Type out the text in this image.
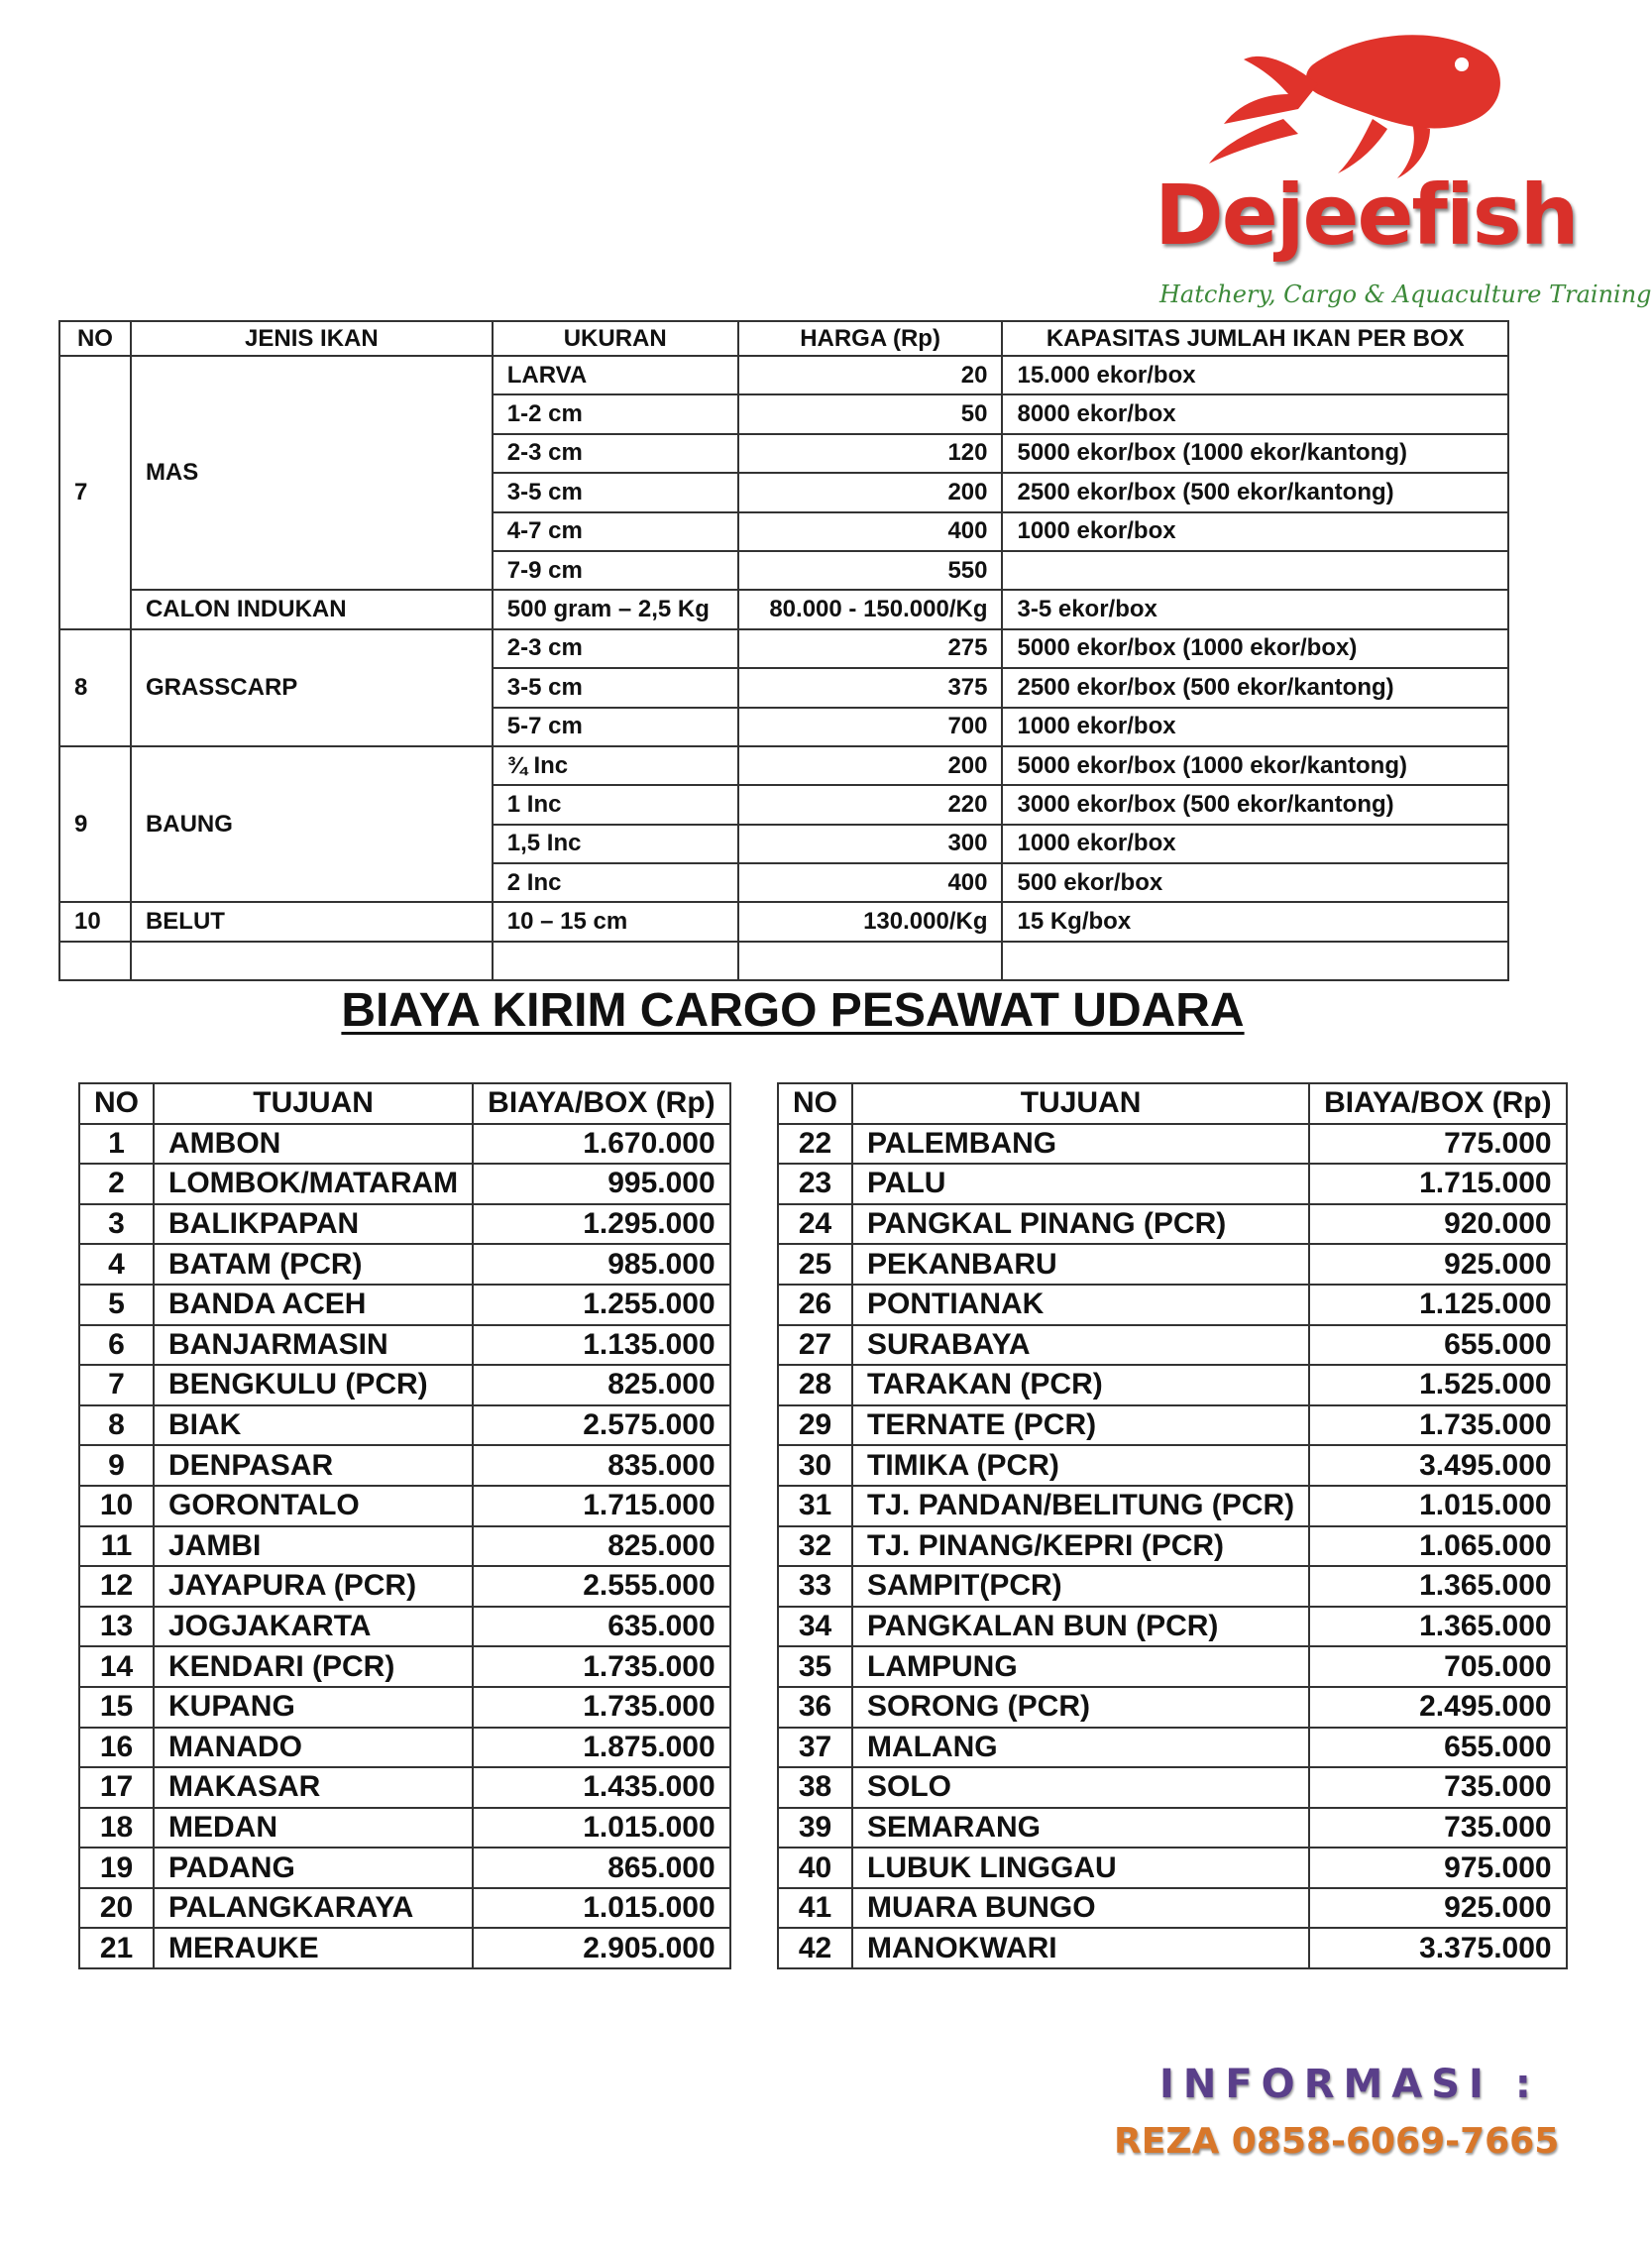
Dejeefish
Hatchery, Cargo & Aquaculture Training
NO	JENIS IKAN	UKURAN	HARGA (Rp)	KAPASITAS JUMLAH IKAN PER BOX
7	MAS	LARVA	20	15.000 ekor/box
		1-2 cm	50	8000 ekor/box
		2-3 cm	120	5000 ekor/box (1000 ekor/kantong)
		3-5 cm	200	2500 ekor/box (500 ekor/kantong)
		4-7 cm	400	1000 ekor/box
		7-9 cm	550	
	CALON INDUKAN	500 gram – 2,5 Kg	80.000 - 150.000/Kg	3-5 ekor/box
8	GRASSCARP	2-3 cm	275	5000 ekor/box (1000 ekor/box)
		3-5 cm	375	2500 ekor/box (500 ekor/kantong)
		5-7 cm	700	1000 ekor/box
9	BAUNG	¾ Inc	200	5000 ekor/box (1000 ekor/kantong)
		1 Inc	220	3000 ekor/box (500 ekor/kantong)
		1,5 Inc	300	1000 ekor/box
		2 Inc	400	500 ekor/box
10	BELUT	10 – 15 cm	130.000/Kg	15 Kg/box

BIAYA KIRIM CARGO PESAWAT UDARA
NO	TUJUAN	BIAYA/BOX (Rp)
1	AMBON	1.670.000
2	LOMBOK/MATARAM	995.000
3	BALIKPAPAN	1.295.000
4	BATAM (PCR)	985.000
5	BANDA ACEH	1.255.000
6	BANJARMASIN	1.135.000
7	BENGKULU (PCR)	825.000
8	BIAK	2.575.000
9	DENPASAR	835.000
10	GORONTALO	1.715.000
11	JAMBI	825.000
12	JAYAPURA (PCR)	2.555.000
13	JOGJAKARTA	635.000
14	KENDARI (PCR)	1.735.000
15	KUPANG	1.735.000
16	MANADO	1.875.000
17	MAKASAR	1.435.000
18	MEDAN	1.015.000
19	PADANG	865.000
20	PALANGKARAYA	1.015.000
21	MERAUKE	2.905.000
NO	TUJUAN	BIAYA/BOX (Rp)
22	PALEMBANG	775.000
23	PALU	1.715.000
24	PANGKAL PINANG (PCR)	920.000
25	PEKANBARU	925.000
26	PONTIANAK	1.125.000
27	SURABAYA	655.000
28	TARAKAN (PCR)	1.525.000
29	TERNATE (PCR)	1.735.000
30	TIMIKA (PCR)	3.495.000
31	TJ. PANDAN/BELITUNG (PCR)	1.015.000
32	TJ. PINANG/KEPRI (PCR)	1.065.000
33	SAMPIT(PCR)	1.365.000
34	PANGKALAN BUN (PCR)	1.365.000
35	LAMPUNG	705.000
36	SORONG (PCR)	2.495.000
37	MALANG	655.000
38	SOLO	735.000
39	SEMARANG	735.000
40	LUBUK LINGGAU	975.000
41	MUARA BUNGO	925.000
42	MANOKWARI	3.375.000
INFORMASI :
REZA 0858-6069-7665
